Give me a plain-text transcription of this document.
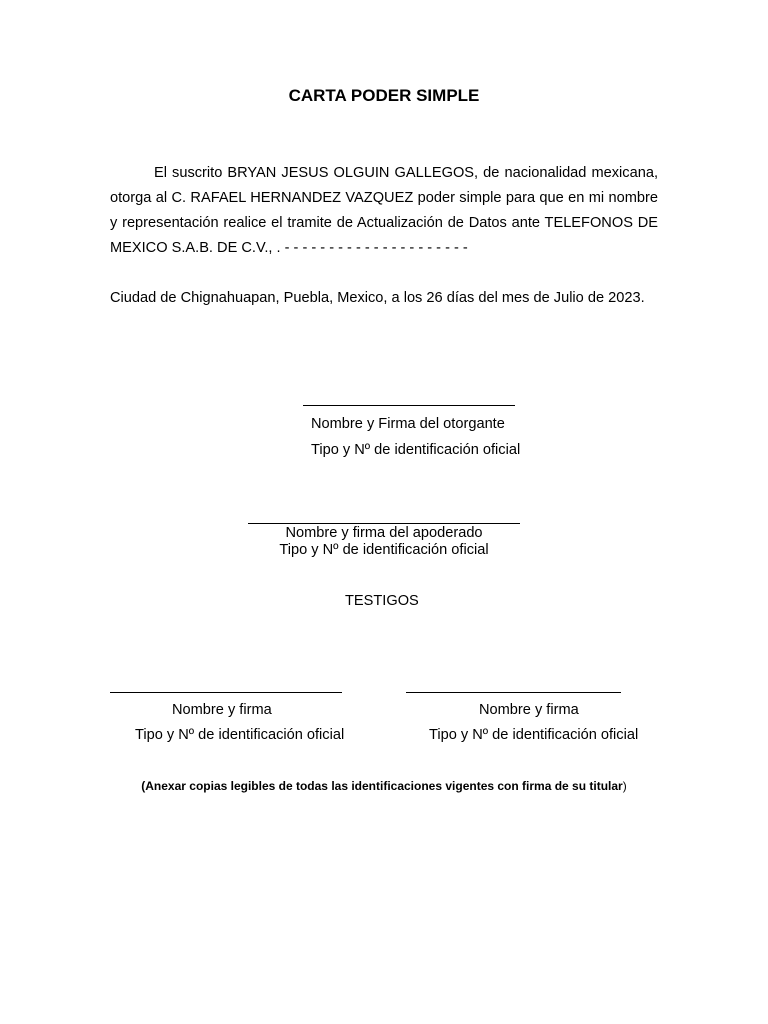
CARTA PODER SIMPLE
El suscrito BRYAN JESUS OLGUIN GALLEGOS, de nacionalidad mexicana, otorga al C. RAFAEL HERNANDEZ VAZQUEZ poder simple para que en mi nombre y representación realice el tramite de Actualización de Datos ante TELEFONOS DE MEXICO S.A.B. DE C.V., . - - - - - - - - - - - - - - - - - - - - -
Ciudad de Chignahuapan, Puebla, Mexico, a los 26 días del mes de Julio de 2023.
Nombre y Firma del otorgante
Tipo y Nº de identificación oficial
Nombre y firma del apoderado
Tipo y Nº de identificación oficial
TESTIGOS
Nombre y firma
Tipo y Nº de identificación oficial
Nombre y firma
Tipo y Nº de identificación oficial
(Anexar copias legibles de todas las identificaciones vigentes con firma de su titular)
